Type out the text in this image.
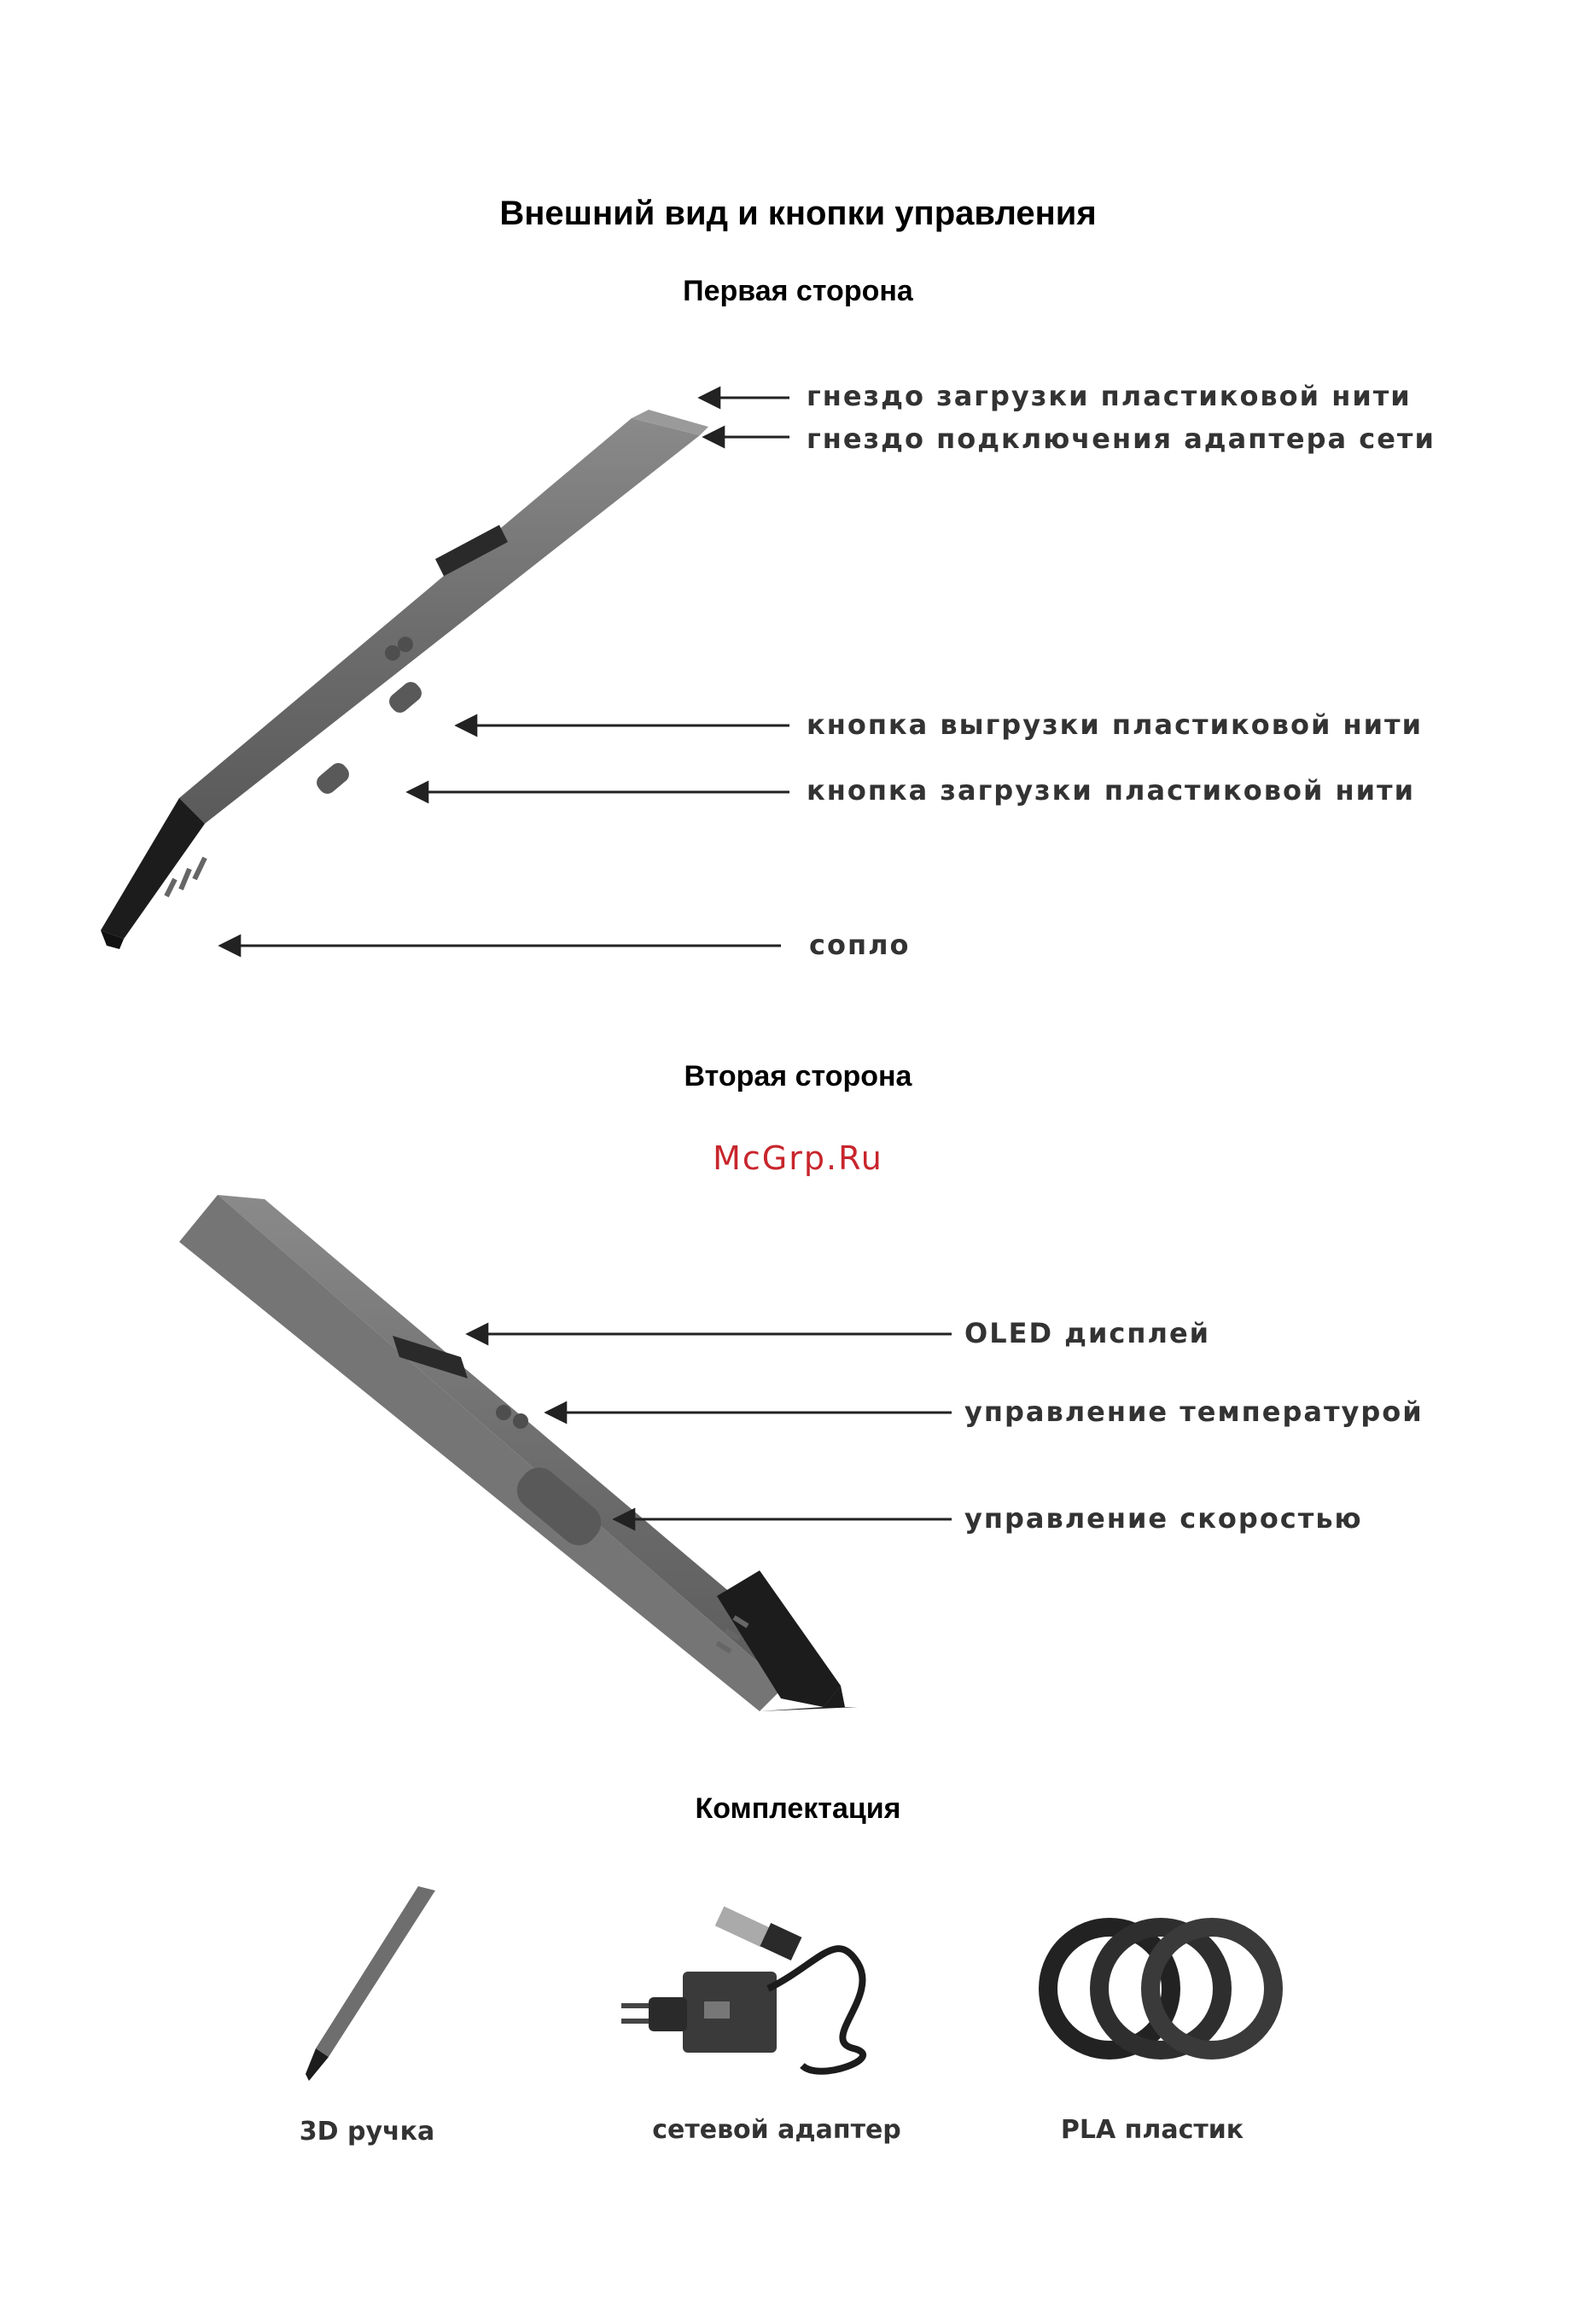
Внешний вид и кнопки управления
Первая сторона
Вторая сторона
Комплектация
McGrp.Ru
гнездо загрузки пластиковой нити
гнездо подключения адаптера сети
кнопка выгрузки пластиковой нити
кнопка загрузки пластиковой нити
сопло
OLED дисплей
управление температурой
управление скоростью
3D ручка	сетевой адаптер	PLA пластик
